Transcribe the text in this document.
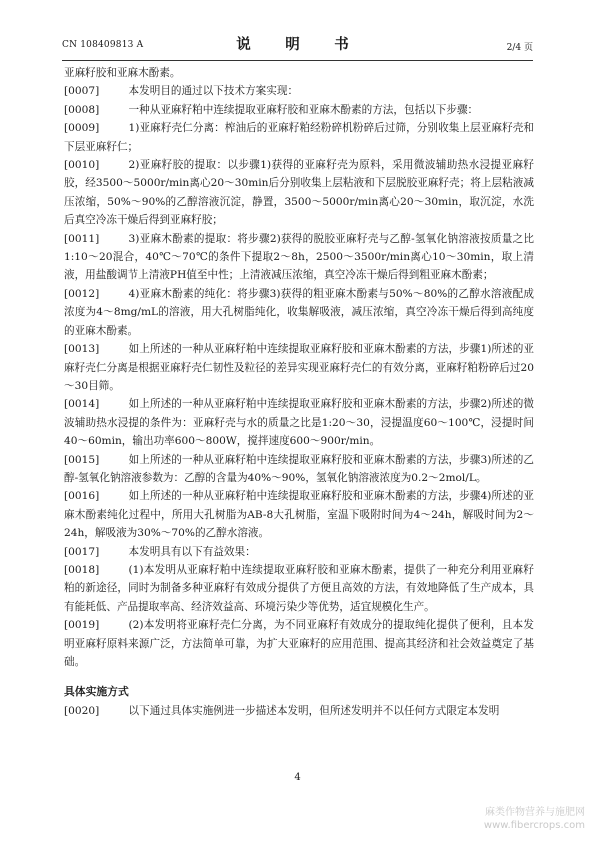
CN 108409813 A	说　明　书	2/4 页

亚麻籽胶和亚麻木酚素。

[0007]	本发明目的通过以下技术方案实现：

[0008]	一种从亚麻籽粕中连续提取亚麻籽胶和亚麻木酚素的方法，包括以下步骤：

[0009]	1)亚麻籽壳仁分离：榨油后的亚麻籽粕经粉碎机粉碎后过筛，分别收集上层亚麻籽壳和下层亚麻籽仁；

[0010]	2)亚麻籽胶的提取：以步骤1)获得的亚麻籽壳为原料，采用微波辅助热水浸提亚麻籽胶，经3500～5000r/min离心20～30min后分别收集上层粘液和下层脱胶亚麻籽壳；将上层粘液减压浓缩，50%～90%的乙醇溶液沉淀，静置，3500～5000r/min离心20～30min，取沉淀，水洗后真空冷冻干燥后得到亚麻籽胶；

[0011]	3)亚麻木酚素的提取：将步骤2)获得的脱胶亚麻籽壳与乙醇-氢氧化钠溶液按质量之比1:10～20混合，40℃～70℃的条件下提取2～8h，2500～3500r/min离心10～30min，取上清液，用盐酸调节上清液PH值至中性；上清液减压浓缩，真空冷冻干燥后得到粗亚麻木酚素；

[0012]	4)亚麻木酚素的纯化：将步骤3)获得的粗亚麻木酚素与50%～80%的乙醇水溶液配成浓度为4～8mg/mL的溶液，用大孔树脂纯化，收集解吸液，减压浓缩，真空冷冻干燥后得到高纯度的亚麻木酚素。

[0013]	如上所述的一种从亚麻籽粕中连续提取亚麻籽胶和亚麻木酚素的方法，步骤1)所述的亚麻籽壳仁分离是根据亚麻籽壳仁韧性及粒径的差异实现亚麻籽壳仁的有效分离，亚麻籽粕粉碎后过20～30目筛。

[0014]	如上所述的一种从亚麻籽粕中连续提取亚麻籽胶和亚麻木酚素的方法，步骤2)所述的微波辅助热水浸提的条件为：亚麻籽壳与水的质量之比是1:20～30，浸提温度60～100℃，浸提时间40～60min，输出功率600～800W，搅拌速度600～900r/min。

[0015]	如上所述的一种从亚麻籽粕中连续提取亚麻籽胶和亚麻木酚素的方法，步骤3)所述的乙醇-氢氧化钠溶液参数为：乙醇的含量为40%～90%，氢氧化钠溶液浓度为0.2～2mol/L。

[0016]	如上所述的一种从亚麻籽粕中连续提取亚麻籽胶和亚麻木酚素的方法，步骤4)所述的亚麻木酚素纯化过程中，所用大孔树脂为AB-8大孔树脂，室温下吸附时间为4～24h，解吸时间为2～24h，解吸液为30%～70%的乙醇水溶液。

[0017]	本发明具有以下有益效果：

[0018]	(1)本发明从亚麻籽粕中连续提取亚麻籽胶和亚麻木酚素，提供了一种充分利用亚麻籽粕的新途径，同时为制备多种亚麻籽有效成分提供了方便且高效的方法，有效地降低了生产成本，具有能耗低、产品提取率高、经济效益高、环境污染少等优势，适宜规模化生产。

[0019]	(2)本发明将亚麻籽壳仁分离，为不同亚麻籽有效成分的提取纯化提供了便利，且本发明亚麻籽原料来源广泛，方法简单可靠，为扩大亚麻籽的应用范围、提高其经济和社会效益奠定了基础。

具体实施方式

[0020]	以下通过具体实施例进一步描述本发明，但所述发明并不以任何方式限定本发明

4
麻类作物营养与施肥网
www.fibercrops.com
